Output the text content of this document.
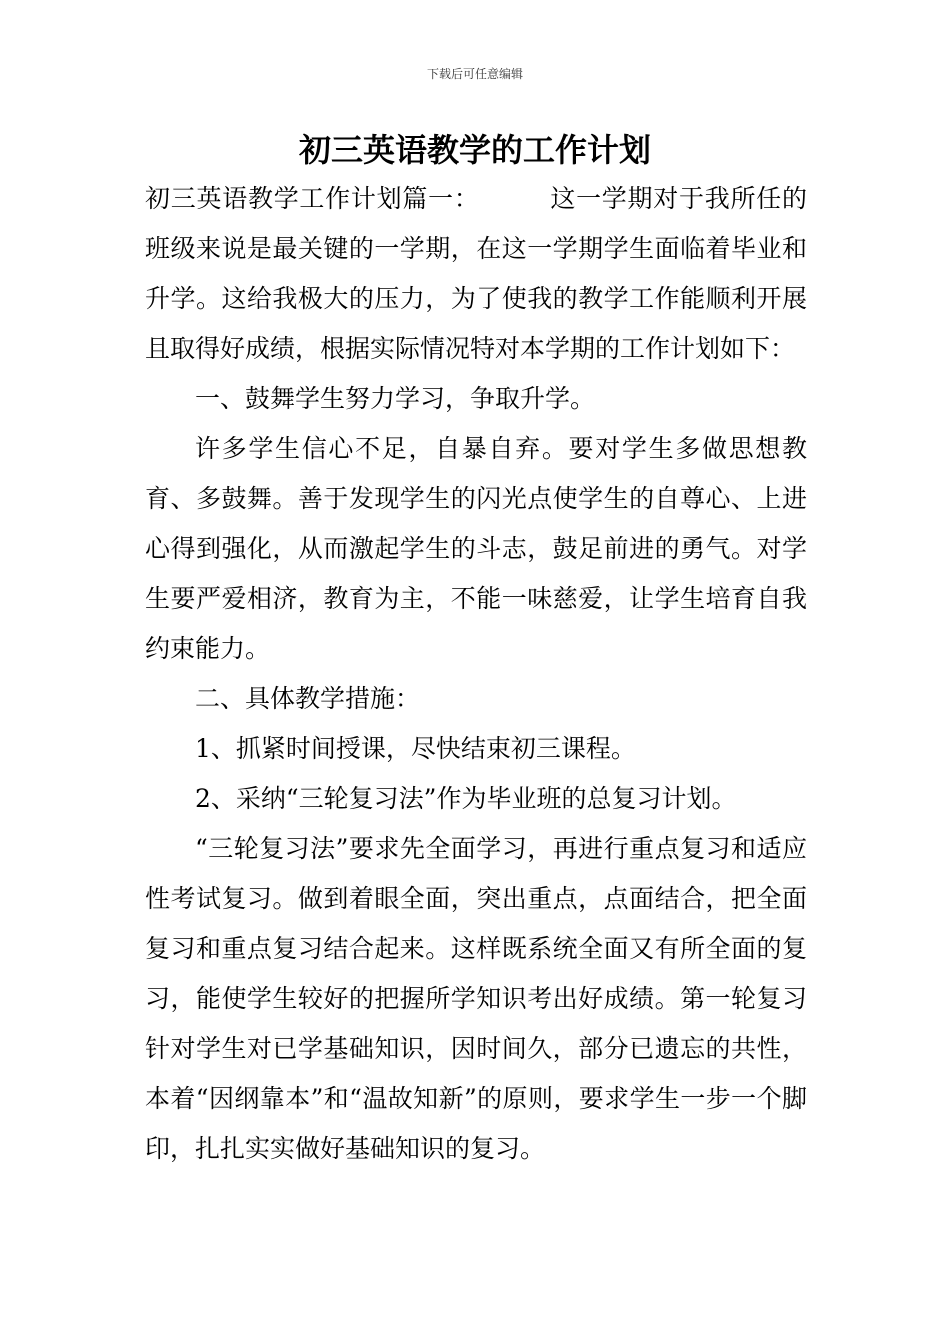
下载后可任意编辑
初三英语教学的工作计划

初三英语教学工作计划篇一：	这一学期对于我所任的班级来说是最关键的一学期，在这一学期学生面临着毕业和升学。这给我极大的压力，为了使我的教学工作能顺利开展且取得好成绩，根据实际情况特对本学期的工作计划如下：

一、鼓舞学生努力学习，争取升学。

许多学生信心不足，自暴自弃。要对学生多做思想教育、多鼓舞。善于发现学生的闪光点使学生的自尊心、上进心得到强化，从而激起学生的斗志，鼓足前进的勇气。对学生要严爱相济，教育为主，不能一味慈爱，让学生培育自我约束能力。

二、具体教学措施：

1、抓紧时间授课，尽快结束初三课程。

2、采纳“三轮复习法”作为毕业班的总复习计划。

“三轮复习法”要求先全面学习，再进行重点复习和适应性考试复习。做到着眼全面，突出重点，点面结合，把全面复习和重点复习结合起来。这样既系统全面又有所全面的复习，能使学生较好的把握所学知识考出好成绩。第一轮复习针对学生对已学基础知识，因时间久，部分已遗忘的共性，本着“因纲靠本”和“温故知新”的原则，要求学生一步一个脚印，扎扎实实做好基础知识的复习。
